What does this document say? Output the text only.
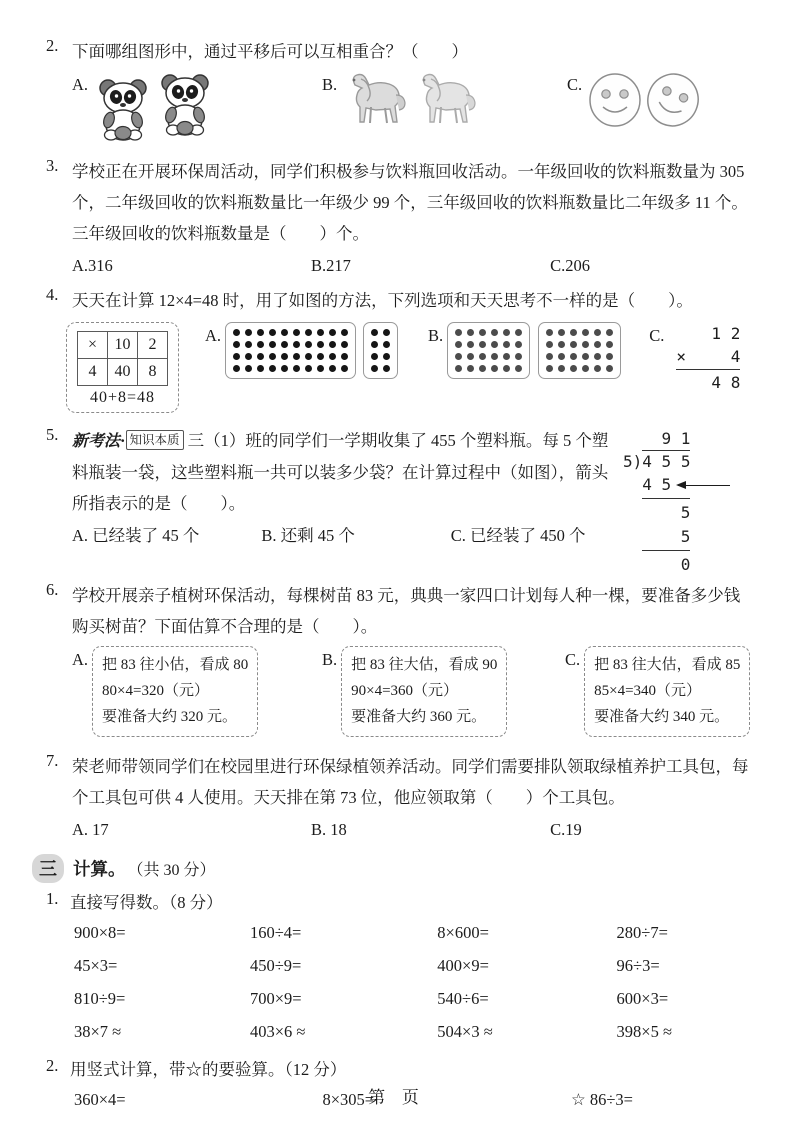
2. 下面哪组图形中，通过平移后可以互相重合？（　　）
A.	B.	C.
3. 学校正在开展环保周活动，同学们积极参与饮料瓶回收活动。一年级回收的饮料瓶数量为 305 个，二年级回收的饮料瓶数量比一年级少 99 个，三年级回收的饮料瓶数量比二年级多 11 个。三年级回收的饮料瓶数量是（　　）个。
A.316	B.217	C.206
4. 天天在计算 12×4=48 时，用了如图的方法，下列选项和天天思考不一样的是（　　）。
×	10	2
4	40	8
40+8=48
A.	B.	C.	1 2
×	4
4 8
5.	9 1
5)4 5 5
4 5
5
5
0
新考法· 知识本质 三（1）班的同学们一学期收集了 455 个塑料瓶。每 5 个塑料瓶装一袋，这些塑料瓶一共可以装多少袋？在计算过程中（如图），箭头所指表示的是（　　）。
A. 已经装了 45 个	B. 还剩 45 个	C. 已经装了 450 个
6. 学校开展亲子植树环保活动，每棵树苗 83 元，典典一家四口计划每人种一棵，要准备多少钱购买树苗？下面估算不合理的是（　　）。
A. 把 83 往小估，看成 80
80×4=320（元）
要准备大约 320 元。
B. 把 83 往大估，看成 90
90×4=360（元）
要准备大约 360 元。
C. 把 83 往大估，看成 85
85×4=340（元）
要准备大约 340 元。
7. 荣老师带领同学们在校园里进行环保绿植领养活动。同学们需要排队领取绿植养护工具包，每个工具包可供 4 人使用。天天排在第 73 位，他应领取第（　　）个工具包。
A. 17	B. 18	C.19
三 计算。 （共 30 分）
1. 直接写得数。（8 分）
900×8=	160÷4=	8×600=	280÷7=
45×3=	450÷9=	400×9=	96÷3=
810÷9=	700×9=	540÷6=	600×3=
38×7 ≈	403×6 ≈	504×3 ≈	398×5 ≈
2. 用竖式计算，带☆的要验算。（12 分）
360×4=	8×305=	☆ 86÷3=
第 页
